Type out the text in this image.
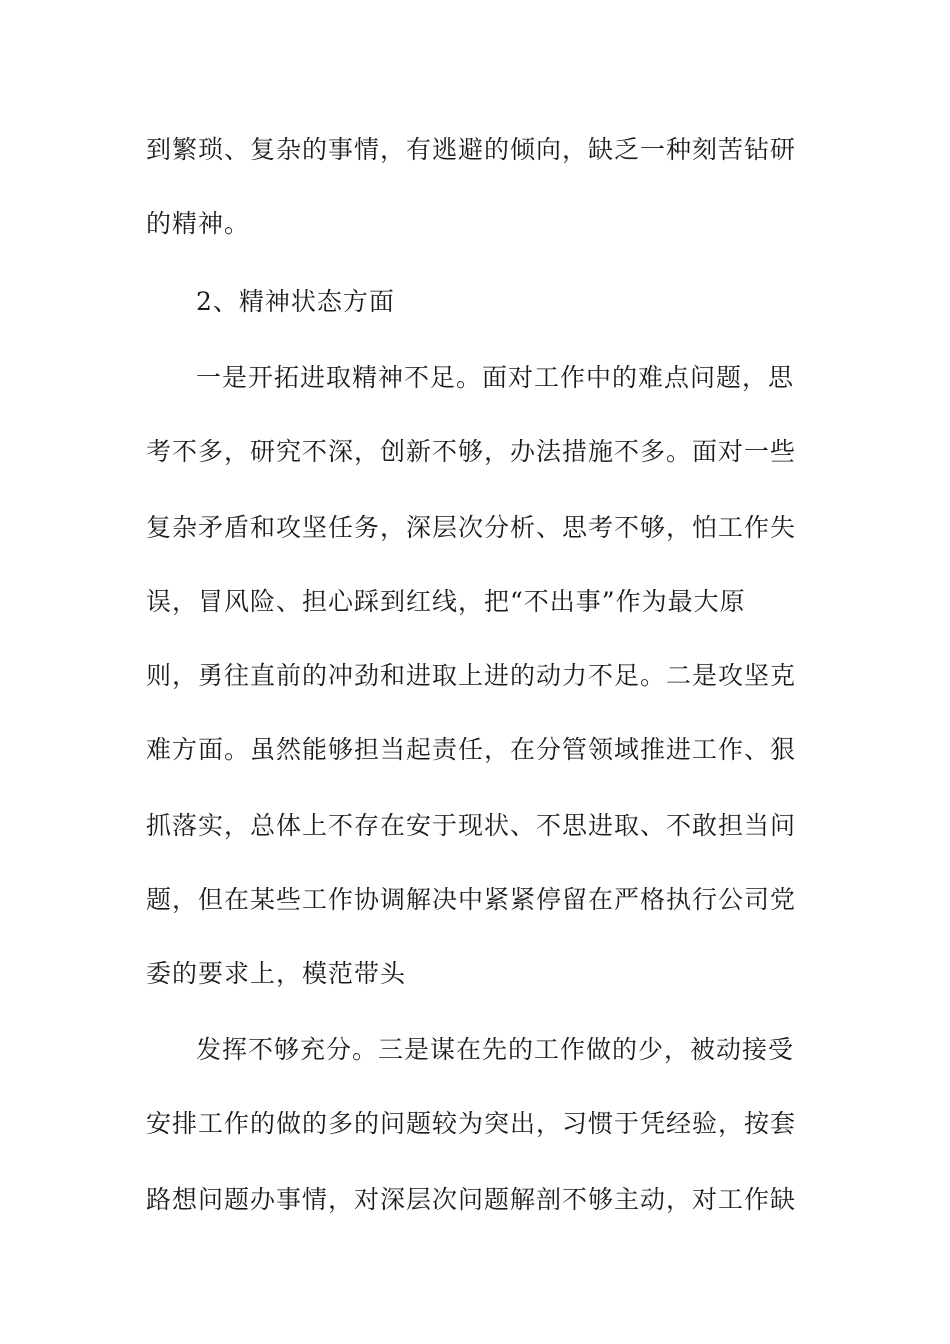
到繁琐、复杂的事情，有逃避的倾向，缺乏一种刻苦钻研
的精神。
2、精神状态方面
一是开拓进取精神不足。面对工作中的难点问题，思
考不多，研究不深，创新不够，办法措施不多。面对一些
复杂矛盾和攻坚任务，深层次分析、思考不够，怕工作失
误，冒风险、担心踩到红线，把“不出事”作为最大原
则，勇往直前的冲劲和进取上进的动力不足。二是攻坚克
难方面。虽然能够担当起责任，在分管领域推进工作、狠
抓落实，总体上不存在安于现状、不思进取、不敢担当问
题，但在某些工作协调解决中紧紧停留在严格执行公司党
委的要求上，模范带头
发挥不够充分。三是谋在先的工作做的少，被动接受
安排工作的做的多的问题较为突出，习惯于凭经验，按套
路想问题办事情，对深层次问题解剖不够主动，对工作缺
